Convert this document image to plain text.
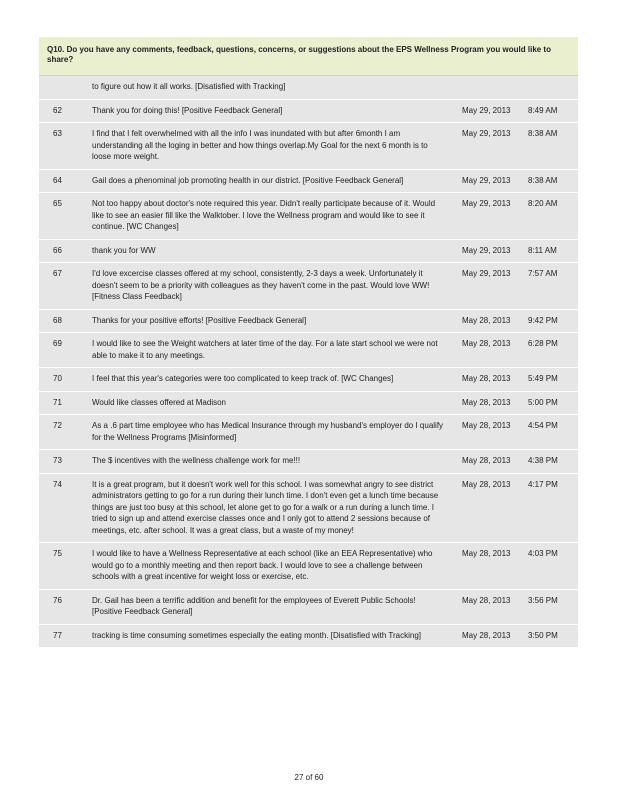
Q10. Do you have any comments, feedback, questions, concerns, or suggestions about the EPS Wellness Program you would like to share?			
	to figure out how it all works. [Disatisfied with Tracking]		
62	Thank you for doing this! [Positive Feedback General]	May 29, 2013	8:49 AM
63	I find that I felt overwhelmed with all the info I was inundated with but after 6month I am understanding all the loging in better and how things overlap.My Goal for the next 6 month is to loose more weight.	May 29, 2013	8:38 AM
64	Gail does a phenominal job promoting health in our district. [Positive Feedback General]	May 29, 2013	8:38 AM
65	Not too happy about doctor's note required this year. Didn't really participate because of it. Would like to see an easier fill like the Walktober. I love the Wellness program and would like to see it continue. [WC Changes]	May 29, 2013	8:20 AM
66	thank you for WW	May 29, 2013	8:11 AM
67	I'd love excercise classes offered at my school, consistently, 2-3 days a week. Unfortunately it doesn't seem to be a priority with colleagues as they haven't come in the past. Would love WW! [Fitness Class Feedback]	May 29, 2013	7:57 AM
68	Thanks for your positive efforts! [Positive Feedback General]	May 28, 2013	9:42 PM
69	I would like to see the Weight watchers at later time of the day. For a late start school we were not able to make it to any meetings.	May 28, 2013	6:28 PM
70	I feel that this year's categories were too complicated to keep track of. [WC Changes]	May 28, 2013	5:49 PM
71	Would like classes offered at Madison	May 28, 2013	5:00 PM
72	As a .6 part time employee who has Medical Insurance through my husband's employer do I qualify for the Wellness Programs [Misinformed]	May 28, 2013	4:54 PM
73	The $ incentives with the wellness challenge work for me!!!	May 28, 2013	4:38 PM
74	It is a great program, but it doesn't work well for this school. I was somewhat angry to see district administrators getting to go for a run during their lunch time. I don't even get a lunch time because things are just too busy at this school, let alone get to go for a walk or a run during a lunch time. I tried to sign up and attend exercise classes once and I only got to attend 2 sessions because of meetings, etc. after school. It was a great class, but a waste of my money!	May 28, 2013	4:17 PM
75	I would like to have a Wellness Representative at each school (like an EEA Representative) who would go to a monthly meeting and then report back. I would love to see a challenge between schools with a great incentive for weight loss or exercise, etc.	May 28, 2013	4:03 PM
76	Dr. Gail has been a terrific addition and benefit for the employees of Everett Public Schools! [Positive Feedback General]	May 28, 2013	3:56 PM
77	tracking is time consuming sometimes especially the eating month. [Disatisfied with Tracking]	May 28, 2013	3:50 PM
27 of 60
